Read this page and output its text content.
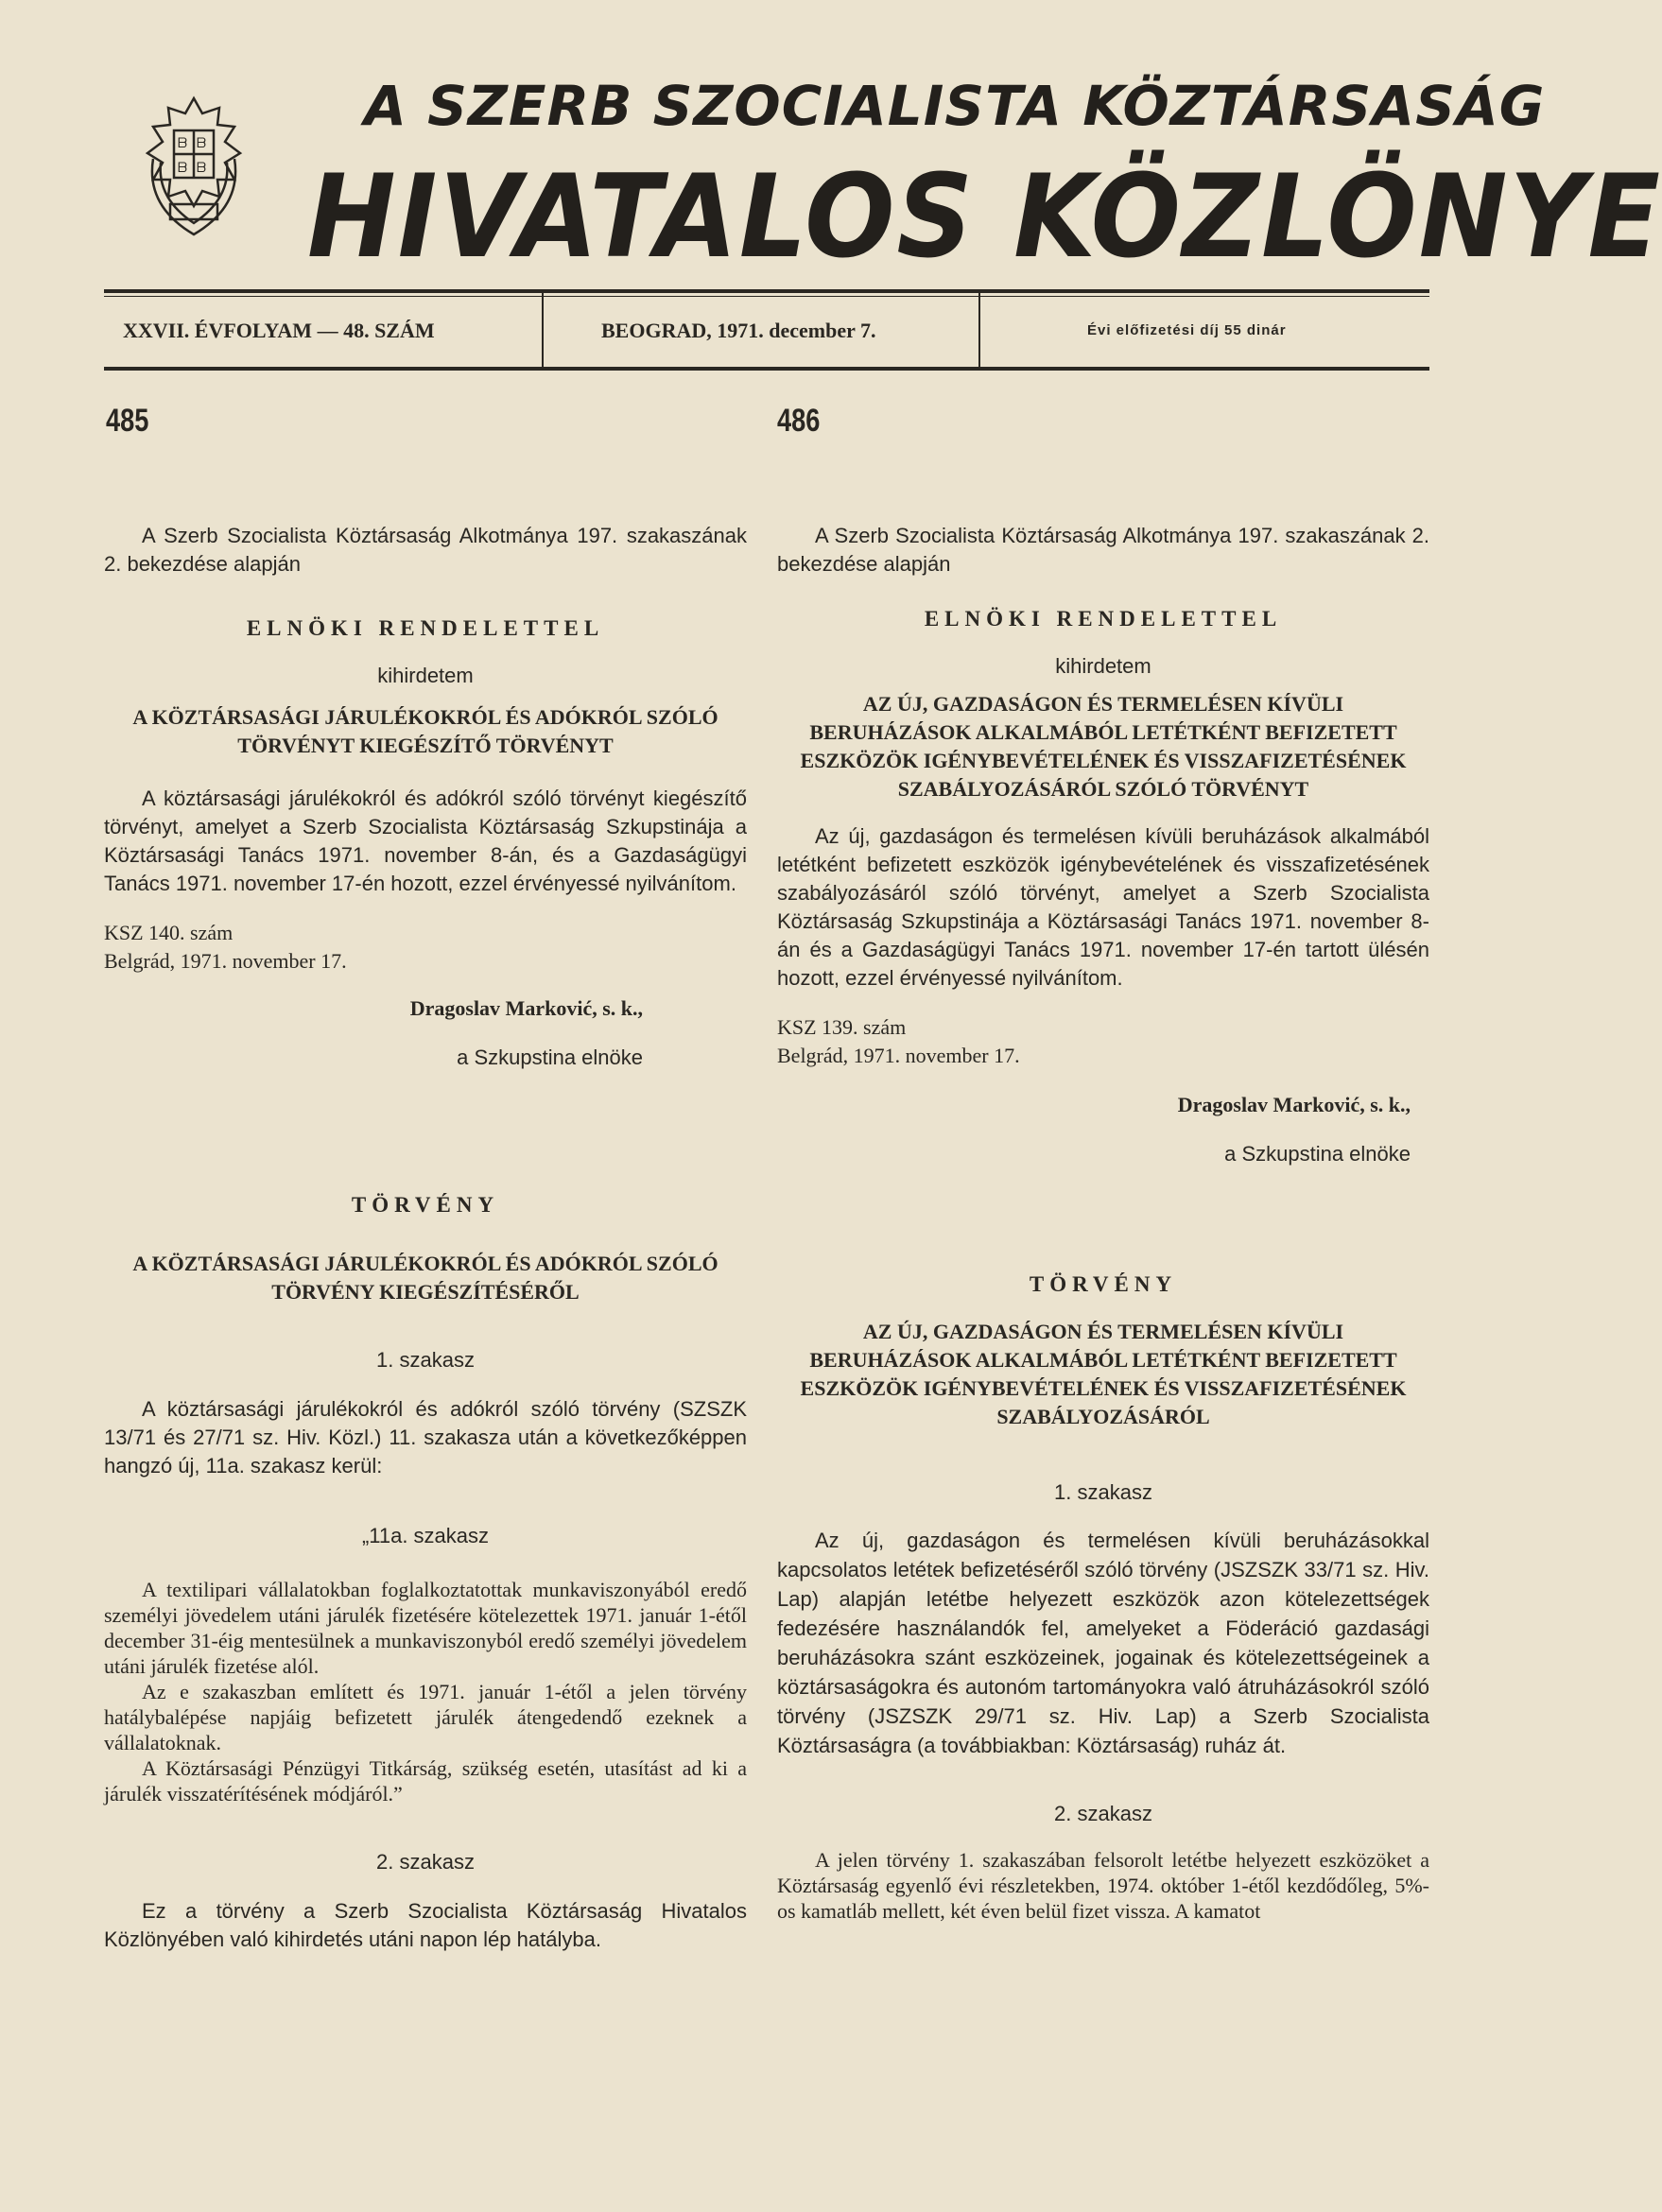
ᗷ ᗷ
ᗷ ᗷ
A SZERB SZOCIALISTA KÖZTÁRSASÁG
HIVATALOS KÖZLÖNYE
XXVII. ÉVFOLYAM — 48. SZÁM	BEOGRAD, 1971. december 7.	Évi előfizetési díj 55 dinár
485	486

A Szerb Szocialista Köztársaság Alkotmánya 197. szakaszának 2. bekezdése alapján

ELNÖKI RENDELETTEL

kihirdetem

A KÖZTÁRSASÁGI JÁRULÉKOKRÓL ÉS ADÓKRÓL SZÓLÓ TÖRVÉNYT KIEGÉSZÍTŐ TÖRVÉNYT

A köztársasági járulékokról és adókról szóló törvényt kiegészítő törvényt, amelyet a Szerb Szocialista Köztársaság Szkupstinája a Köztársasági Tanács 1971. november 8-án, és a Gazdaságügyi Tanács 1971. november 17-én hozott, ezzel érvényessé nyilvánítom.

KSZ 140. szám

Belgrád, 1971. november 17.

Dragoslav Marković, s. k.,

a Szkupstina elnöke

TÖRVÉNY

A KÖZTÁRSASÁGI JÁRULÉKOKRÓL ÉS ADÓKRÓL SZÓLÓ TÖRVÉNY KIEGÉSZÍTÉSÉRŐL

1. szakasz

A köztársasági járulékokról és adókról szóló törvény (SZSZK 13/71 és 27/71 sz. Hiv. Közl.) 11. szakasza után a következőképpen hangzó új, 11a. szakasz kerül:

„11a. szakasz

A textilipari vállalatokban foglalkoztatottak munkaviszonyából eredő személyi jövedelem utáni járulék fizetésére kötelezettek 1971. január 1-étől december 31-éig mentesülnek a munkaviszonyból eredő személyi jövedelem utáni járulék fizetése alól.

Az e szakaszban említett és 1971. január 1-étől a jelen törvény hatálybalépése napjáig befizetett járulék átengedendő ezeknek a vállalatoknak.

A Köztársasági Pénzügyi Titkárság, szükség esetén, utasítást ad ki a járulék visszatérítésének módjáról.”

2. szakasz

Ez a törvény a Szerb Szocialista Köztársaság Hivatalos Közlönyében való kihirdetés utáni napon lép hatályba.

A Szerb Szocialista Köztársaság Alkotmánya 197. szakaszának 2. bekezdése alapján

ELNÖKI RENDELETTEL

kihirdetem

AZ ÚJ, GAZDASÁGON ÉS TERMELÉSEN KÍVÜLI BERUHÁZÁSOK ALKALMÁBÓL LETÉTKÉNT BEFIZETETT ESZKÖZÖK IGÉNYBEVÉTELÉNEK ÉS VISSZAFIZETÉSÉNEK SZABÁLYOZÁSÁRÓL SZÓLÓ TÖRVÉNYT

Az új, gazdaságon és termelésen kívüli beruházások alkalmából letétként befizetett eszközök igénybevételének és visszafizetésének szabályozásáról szóló törvényt, amelyet a Szerb Szocialista Köztársaság Szkupstinája a Köztársasági Tanács 1971. november 8-án és a Gazdaságügyi Tanács 1971. november 17-én tartott ülésén hozott, ezzel érvényessé nyilvánítom.

KSZ 139. szám

Belgrád, 1971. november 17.

Dragoslav Marković, s. k.,

a Szkupstina elnöke

TÖRVÉNY

AZ ÚJ, GAZDASÁGON ÉS TERMELÉSEN KÍVÜLI BERUHÁZÁSOK ALKALMÁBÓL LETÉTKÉNT BEFIZETETT ESZKÖZÖK IGÉNYBEVÉTELÉNEK ÉS VISSZAFIZETÉSÉNEK SZABÁLYOZÁSÁRÓL

1. szakasz

Az új, gazdaságon és termelésen kívüli beruházásokkal kapcsolatos letétek befizetéséről szóló törvény (JSZSZK 33/71 sz. Hiv. Lap) alapján letétbe helyezett eszközök azon kötelezettségek fedezésére használandók fel, amelyeket a Föderáció gazdasági beruházásokra szánt eszközeinek, jogainak és kötelezettségeinek a köztársaságokra és autonóm tartományokra való átruházásokról szóló törvény (JSZSZK 29/71 sz. Hiv. Lap) a Szerb Szocialista Köztársaságra (a továbbiakban: Köztársaság) ruház át.

2. szakasz

A jelen törvény 1. szakaszában felsorolt letétbe helyezett eszközöket a Köztársaság egyenlő évi részletekben, 1974. október 1-étől kezdődőleg, 5%-os kamatláb mellett, két éven belül fizet vissza. A kamatot
